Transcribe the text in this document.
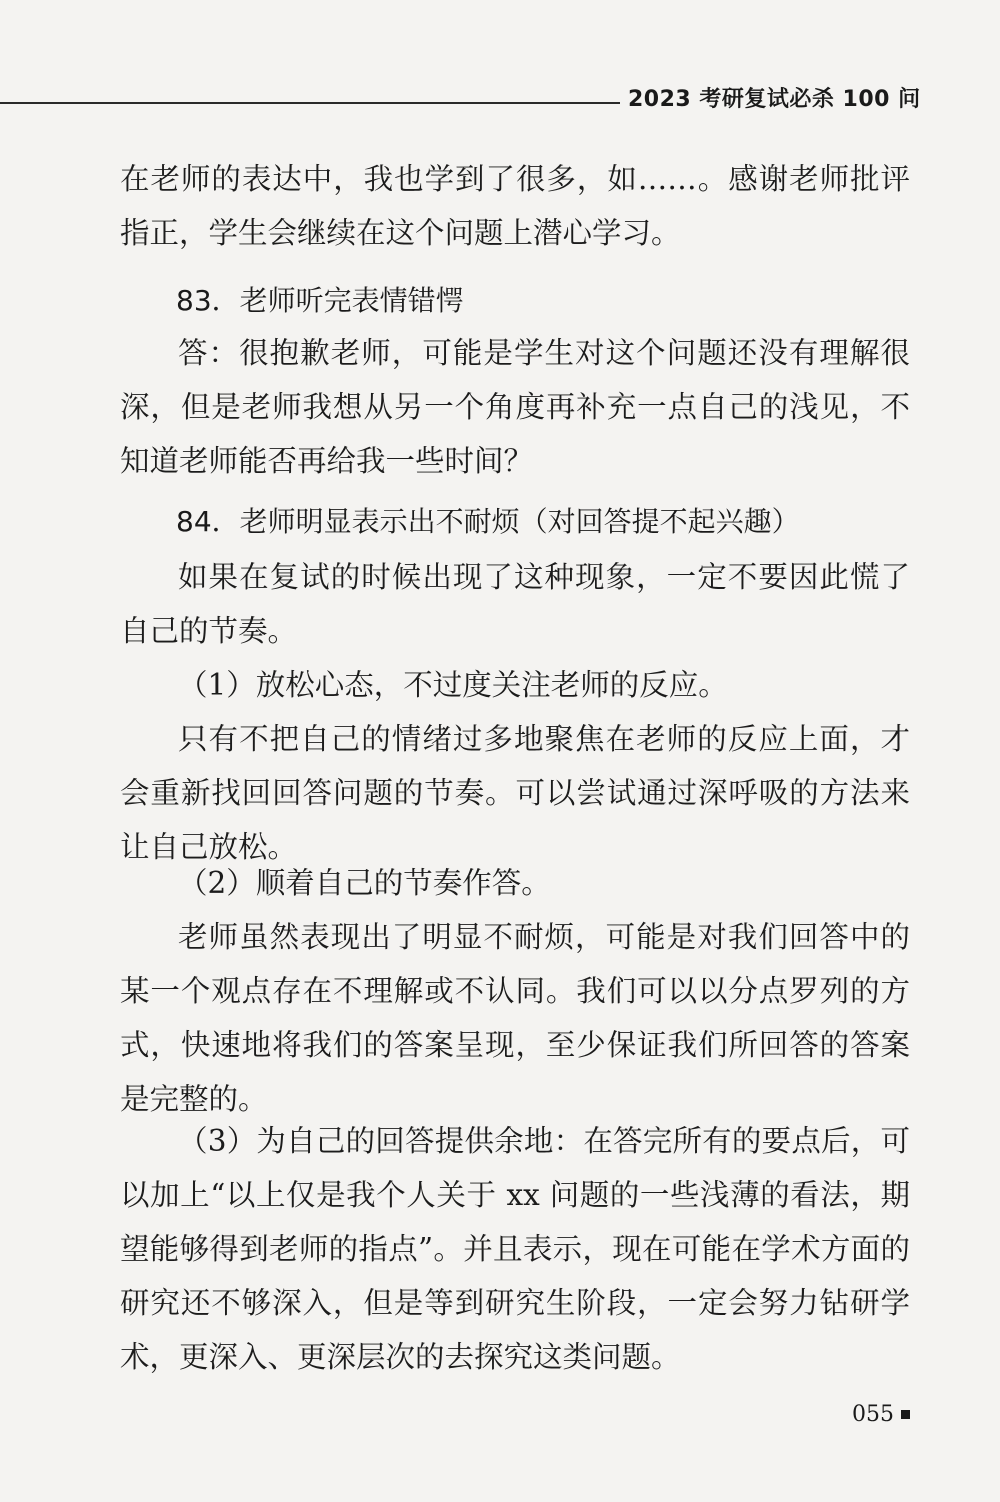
2023 考研复试必杀 100 问
在老师的表达中，我也学到了很多，如……。感谢老师批评指正，学生会继续在这个问题上潜心学习。
83．老师听完表情错愕
答：很抱歉老师，可能是学生对这个问题还没有理解很深，但是老师我想从另一个角度再补充一点自己的浅见，不知道老师能否再给我一些时间？
84．老师明显表示出不耐烦（对回答提不起兴趣）
如果在复试的时候出现了这种现象，一定不要因此慌了自己的节奏。
（1）放松心态，不过度关注老师的反应。
只有不把自己的情绪过多地聚焦在老师的反应上面，才会重新找回回答问题的节奏。可以尝试通过深呼吸的方法来让自己放松。
（2）顺着自己的节奏作答。
老师虽然表现出了明显不耐烦，可能是对我们回答中的某一个观点存在不理解或不认同。我们可以以分点罗列的方式，快速地将我们的答案呈现，至少保证我们所回答的答案是完整的。
（3）为自己的回答提供余地：在答完所有的要点后，可以加上“以上仅是我个人关于 xx 问题的一些浅薄的看法，期望能够得到老师的指点”。并且表示，现在可能在学术方面的研究还不够深入，但是等到研究生阶段，一定会努力钻研学术，更深入、更深层次的去探究这类问题。
055
